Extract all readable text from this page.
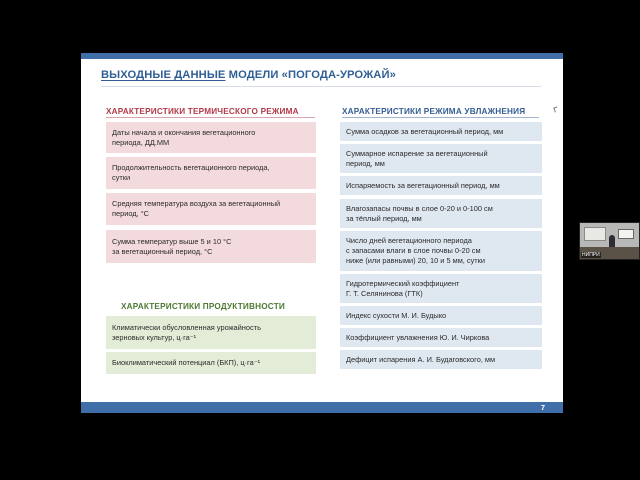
ВЫХОДНЫЕ ДАННЫЕ МОДЕЛИ «ПОГОДА-УРОЖАЙ»
ХАРАКТЕРИСТИКИ ТЕРМИЧЕСКОГО РЕЖИМА
Даты начала и окончания вегетационного
периода, ДД.ММ
Продолжительность вегетационного периода,
сутки
Средняя температура воздуха за вегетационный
период, °С
Сумма температур выше 5 и 10 °С
за вегетационный период, °С
ХАРАКТЕРИСТИКИ ПРОДУКТИВНОСТИ
Климатически обусловленная урожайность
зерновых культур, ц·га⁻¹
Биоклиматический потенциал (БКП), ц·га⁻¹
ХАРАКТЕРИСТИКИ РЕЖИМА УВЛАЖНЕНИЯ
Сумма осадков за вегетационный период, мм
Суммарное испарение за вегетационный
период, мм
Испаряемость за вегетационный период, мм
Влагозапасы почвы в слое 0-20 и 0-100 см
за тёплый период, мм
Число дней вегетационного периода
с запасами влаги в слое почвы 0-20 см
ниже (или равными) 20, 10 и 5 мм, сутки
Гидротермический коэффициент
Г. Т. Селянинова (ГТК)
Индекс сухости М. И. Будыко
Коэффициент увлажнения Ю. И. Чиркова
Дефицит испарения А. И. Будаговского, мм
7
НИПРИ
